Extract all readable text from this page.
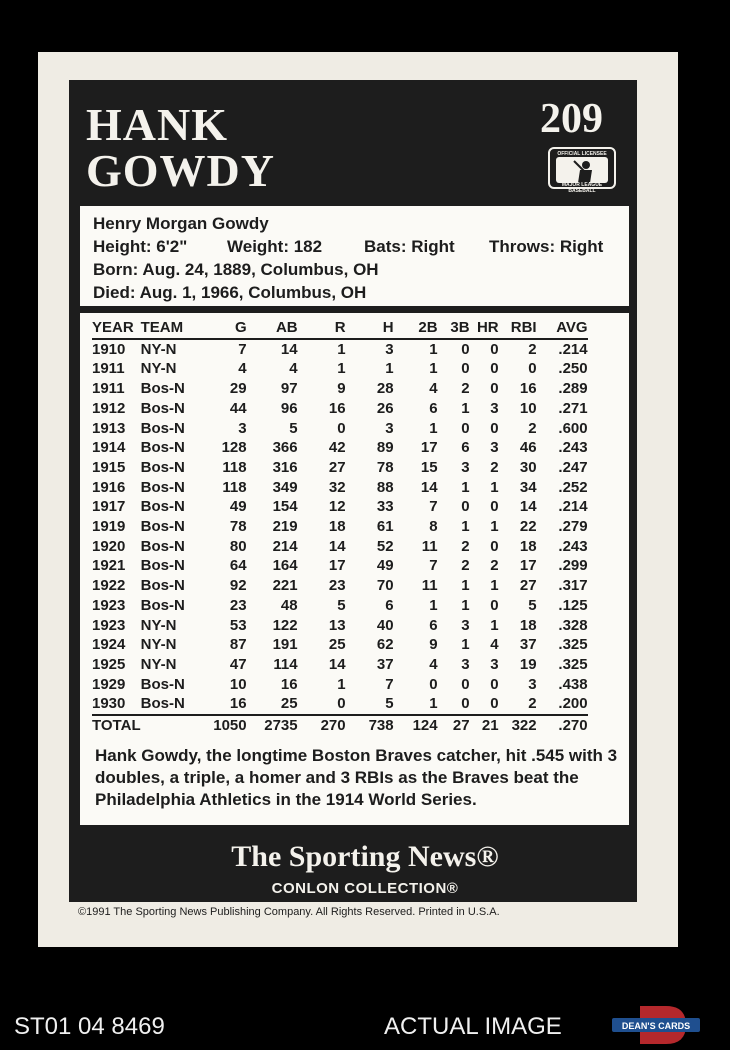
HANK
GOWDY
209
OFFICIAL LICENSEE
MAJOR LEAGUE BASEBALL
Henry Morgan Gowdy
Height: 6'2" Weight: 182 Bats: Right Throws: Right
Born: Aug. 24, 1889, Columbus, OH
Died: Aug. 1, 1966, Columbus, OH
YEAR	TEAM	G	AB	R	H	2B	3B	HR	RBI	AVG
1910	NY-N	7	14	1	3	1	0	0	2	.214
1911	NY-N	4	4	1	1	1	0	0	0	.250
1911	Bos-N	29	97	9	28	4	2	0	16	.289
1912	Bos-N	44	96	16	26	6	1	3	10	.271
1913	Bos-N	3	5	0	3	1	0	0	2	.600
1914	Bos-N	128	366	42	89	17	6	3	46	.243
1915	Bos-N	118	316	27	78	15	3	2	30	.247
1916	Bos-N	118	349	32	88	14	1	1	34	.252
1917	Bos-N	49	154	12	33	7	0	0	14	.214
1919	Bos-N	78	219	18	61	8	1	1	22	.279
1920	Bos-N	80	214	14	52	11	2	0	18	.243
1921	Bos-N	64	164	17	49	7	2	2	17	.299
1922	Bos-N	92	221	23	70	11	1	1	27	.317
1923	Bos-N	23	48	5	6	1	1	0	5	.125
1923	NY-N	53	122	13	40	6	3	1	18	.328
1924	NY-N	87	191	25	62	9	1	4	37	.325
1925	NY-N	47	114	14	37	4	3	3	19	.325
1929	Bos-N	10	16	1	7	0	0	0	3	.438
1930	Bos-N	16	25	0	5	1	0	0	2	.200
TOTAL		1050	2735	270	738	124	27	21	322	.270
Hank Gowdy, the longtime Boston Braves catcher, hit .545 with 3 doubles, a triple, a homer and 3 RBIs as the Braves beat the Philadelphia Athletics in the 1914 World Series.
The Sporting News®
CONLON COLLECTION®
©1991 The Sporting News Publishing Company. All Rights Reserved. Printed in U.S.A.
ST01 04 8469	ACTUAL IMAGE	DEAN'S CARDS
